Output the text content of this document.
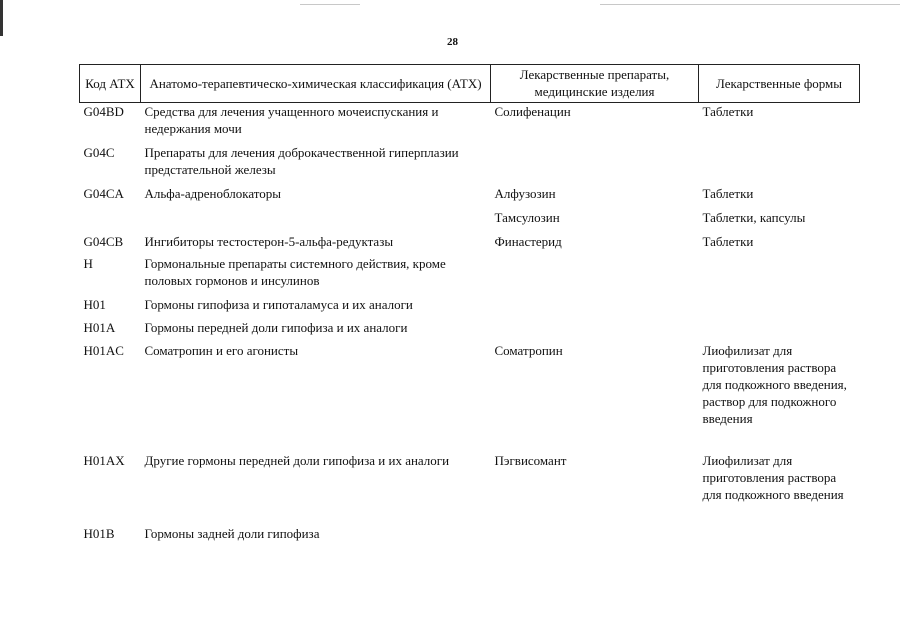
28
Код АТХ	Анатомо-терапевтическо-химическая классификация (АТХ)	Лекарственные препараты, медицинские изделия	Лекарственные формы
G04BD	Средства для лечения учащенного мочеиспускания и недержания мочи	Солифенацин	Таблетки
G04C	Препараты для лечения доброкачественной гиперплазии предстательной железы		
G04CA	Альфа-адреноблокаторы	Алфузозин	Таблетки
		Тамсулозин	Таблетки, капсулы
G04CB	Ингибиторы тестостерон-5-альфа-редуктазы	Финастерид	Таблетки
H	Гормональные препараты системного действия, кроме половых гормонов и инсулинов		
H01	Гормоны гипофиза и гипоталамуса и их аналоги		
H01A	Гормоны передней доли гипофиза и их аналоги		
H01AC	Соматропин и его агонисты	Соматропин	Лиофилизат для приготовления раствора для подкожного введения, раствор для подкожного введения
H01AX	Другие гормоны передней доли гипофиза и их аналоги	Пэгвисомант	Лиофилизат для приготовления раствора для подкожного введения
H01B	Гормоны задней доли гипофиза		
